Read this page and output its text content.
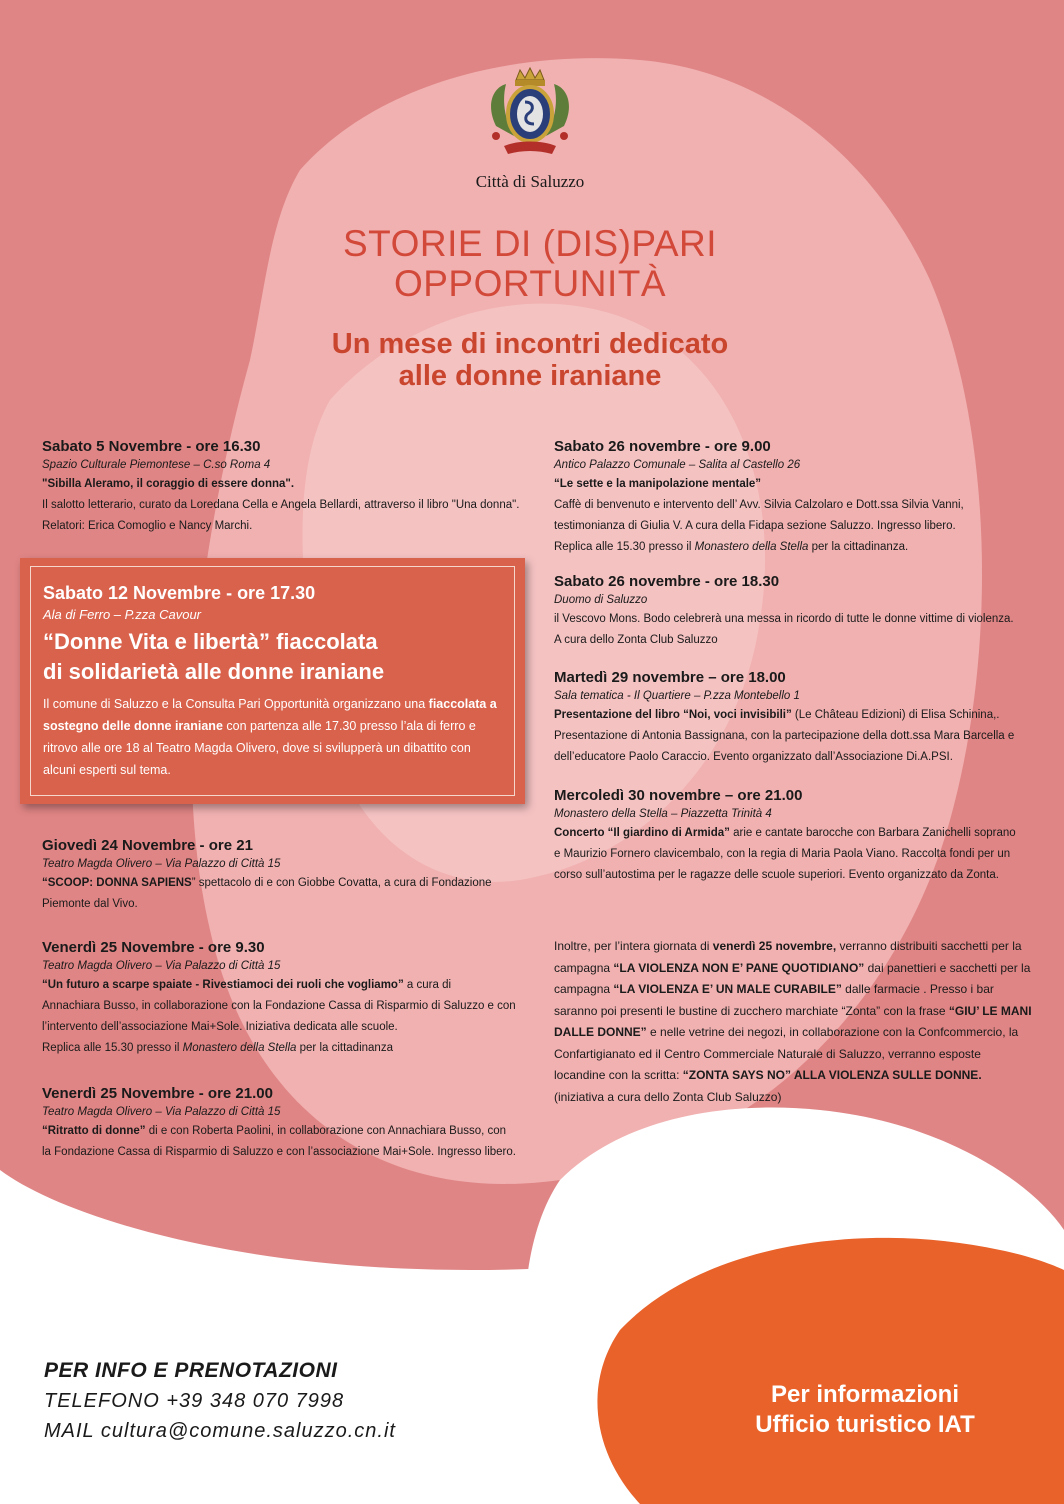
Città di Saluzzo
STORIE DI (DIS)PARI
OPPORTUNITÀ
Un mese di incontri dedicato
alle donne iraniane
Sabato 5 Novembre - ore 16.30
Spazio Culturale Piemontese – C.so Roma 4
"Sibilla Aleramo, il coraggio di essere donna".
Il salotto letterario, curato da Loredana Cella e Angela Bellardi, attraverso il libro "Una donna".
Relatori: Erica Comoglio e Nancy Marchi.
Sabato 12 Novembre - ore 17.30
Ala di Ferro – P.zza Cavour
“Donne Vita e libertà” fiaccolata
di solidarietà alle donne iraniane
Il comune di Saluzzo e la Consulta Pari Opportunità organizzano una fiaccolata a sostegno delle donne iraniane con partenza alle 17.30 presso l’ala di ferro e ritrovo alle ore 18 al Teatro Magda Olivero, dove si svilupperà un dibattito con alcuni esperti sul tema.
Giovedì 24 Novembre - ore 21
Teatro Magda Olivero – Via Palazzo di Città 15
“SCOOP: DONNA SAPIENS” spettacolo di e con Giobbe Covatta, a cura di Fondazione
Piemonte dal Vivo.
Venerdì 25 Novembre - ore 9.30
Teatro Magda Olivero – Via Palazzo di Città 15
“Un futuro a scarpe spaiate - Rivestiamoci dei ruoli che vogliamo” a cura di
Annachiara Busso, in collaborazione con la Fondazione Cassa di Risparmio di Saluzzo e con
l’intervento dell’associazione Mai+Sole. Iniziativa dedicata alle scuole.
Replica alle 15.30 presso il Monastero della Stella per la cittadinanza
Venerdì 25 Novembre - ore 21.00
Teatro Magda Olivero – Via Palazzo di Città 15
“Ritratto di donne” di e con Roberta Paolini, in collaborazione con Annachiara Busso, con
la Fondazione Cassa di Risparmio di Saluzzo e con l’associazione Mai+Sole. Ingresso libero.
Sabato 26 novembre - ore 9.00
Antico Palazzo Comunale – Salita al Castello 26
“Le sette e la manipolazione mentale”
Caffè di benvenuto e intervento dell’ Avv. Silvia Calzolaro e Dott.ssa Silvia Vanni,
testimonianza di Giulia V. A cura della Fidapa sezione Saluzzo. Ingresso libero.
Replica alle 15.30 presso il Monastero della Stella per la cittadinanza.
Sabato 26 novembre - ore 18.30
Duomo di Saluzzo
il Vescovo Mons. Bodo celebrerà una messa in ricordo di tutte le donne vittime di violenza.
A cura dello Zonta Club Saluzzo
Martedì 29 novembre – ore 18.00
Sala tematica - Il Quartiere – P.zza Montebello 1
Presentazione del libro “Noi, voci invisibili” (Le Château Edizioni) di Elisa Schinina,.
Presentazione di Antonia Bassignana, con la partecipazione della dott.ssa Mara Barcella e
dell’educatore Paolo Caraccio. Evento organizzato dall’Associazione Di.A.PSI.
Mercoledì 30 novembre – ore 21.00
Monastero della Stella – Piazzetta Trinità 4
Concerto “Il giardino di Armida” arie e cantate barocche con Barbara Zanichelli soprano
e Maurizio Fornero clavicembalo, con la regia di Maria Paola Viano. Raccolta fondi per un
corso sull’autostima per le ragazze delle scuole superiori. Evento organizzato da Zonta.
Inoltre, per l’intera giornata di venerdì 25 novembre, verranno distribuiti sacchetti per la campagna “LA VIOLENZA NON E’ PANE QUOTIDIANO” dai panettieri e sacchetti per la campagna “LA VIOLENZA E’ UN MALE CURABILE” dalle farmacie . Presso i bar saranno poi presenti le bustine di zucchero marchiate “Zonta” con la frase “GIU’ LE MANI DALLE DONNE” e nelle vetrine dei negozi, in collaborazione con la Confcommercio, la Confartigianato ed il Centro Commerciale Naturale di Saluzzo, verranno esposte locandine con la scritta: “ZONTA SAYS NO” ALLA VIOLENZA SULLE DONNE. (iniziativa a cura dello Zonta Club Saluzzo)
PER INFO E PRENOTAZIONI
TELEFONO +39 348 070 7998
MAIL cultura@comune.saluzzo.cn.it
Per informazioni
Ufficio turistico IAT
